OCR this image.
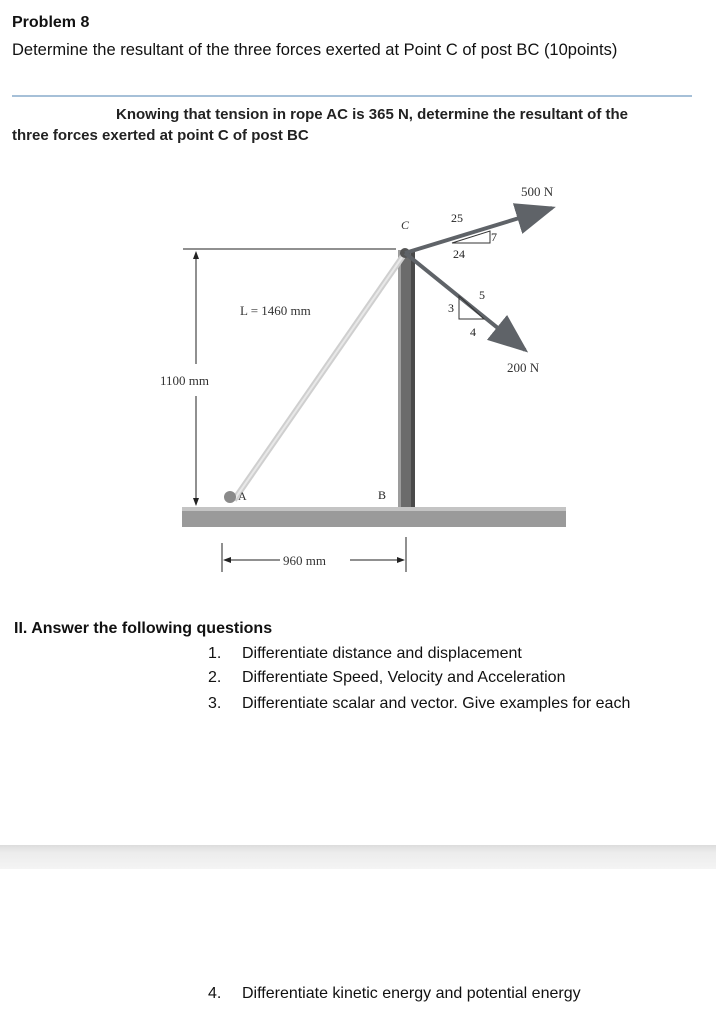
Problem 8
Determine the resultant of the three forces exerted at Point C of post BC (10points)
Knowing that tension in rope AC is 365 N, determine the resultant of the
three forces exerted at point C of post BC
C
A	B
500 N
200 N
L = 1460 mm
1100 mm
960 mm
25
24
7
5
3
4
II. Answer the following questions
1. Differentiate distance and displacement
2. Differentiate Speed, Velocity and Acceleration
3. Differentiate scalar and vector. Give examples for each
4. Differentiate kinetic energy and potential energy
